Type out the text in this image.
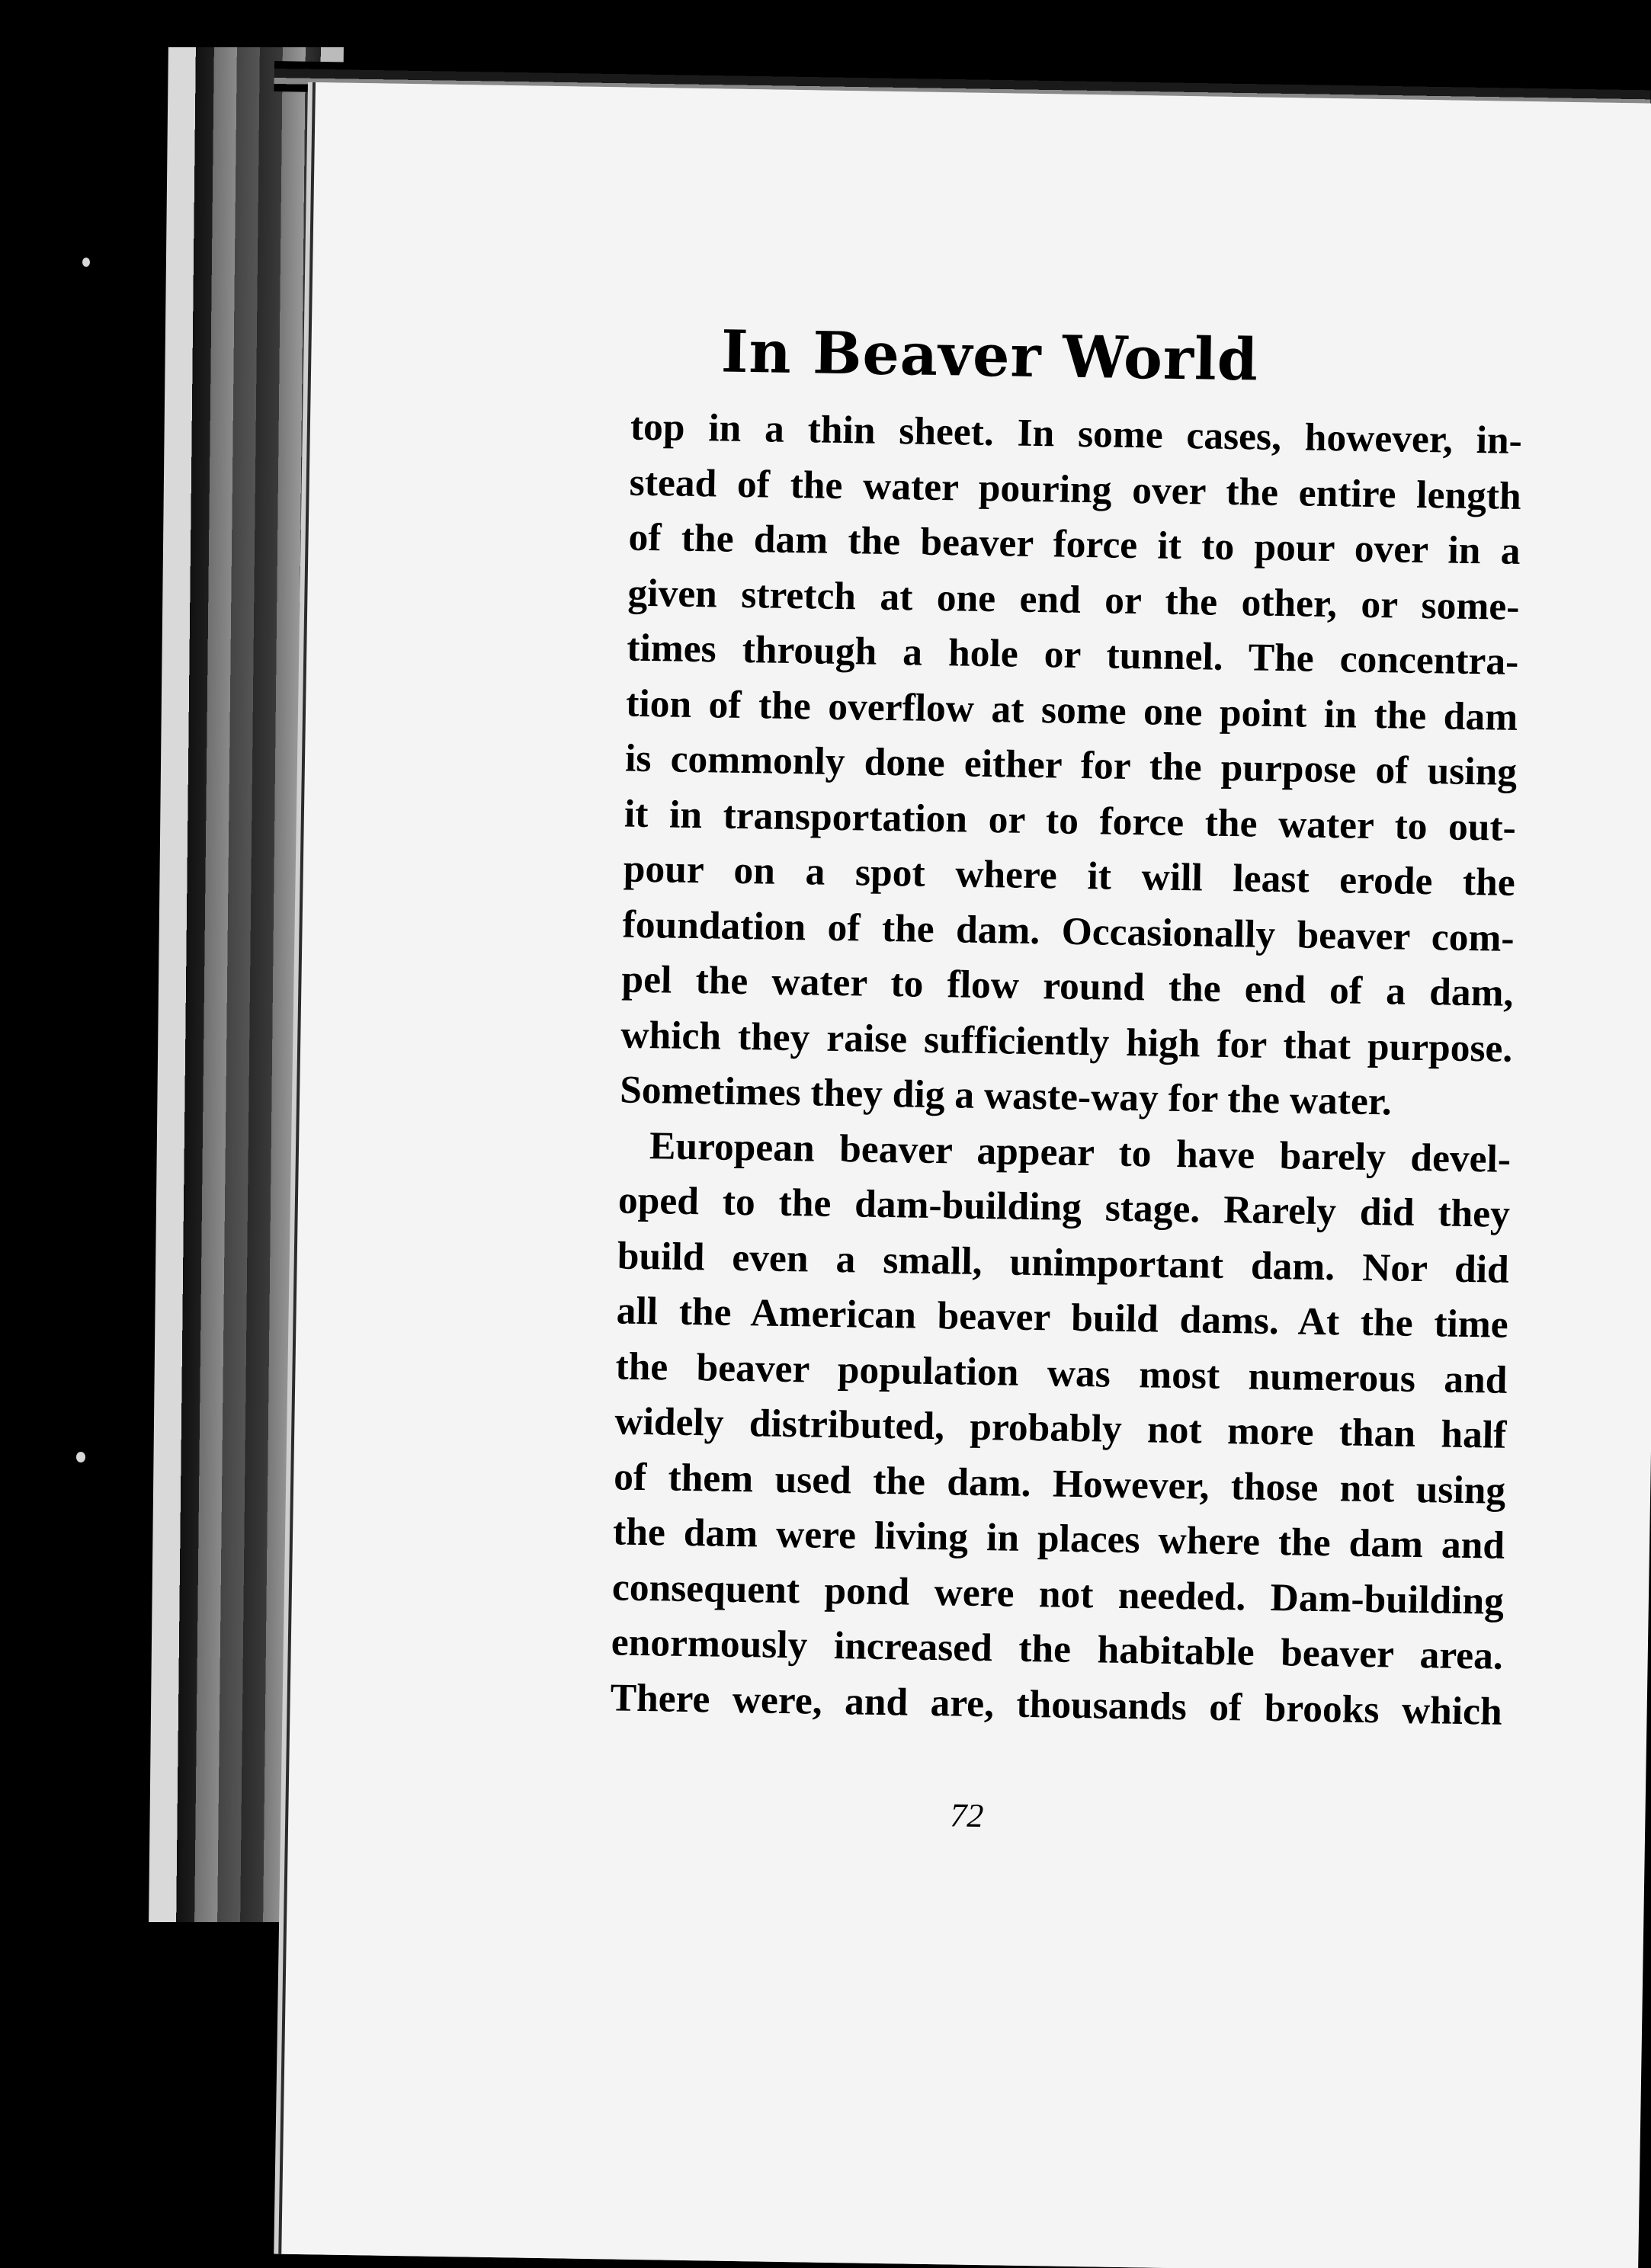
In Beaver World
top in a thin sheet. In some cases, however, in-
stead of the water pouring over the entire length
of the dam the beaver force it to pour over in a
given stretch at one end or the other, or some-
times through a hole or tunnel. The concentra-
tion of the overflow at some one point in the dam
is commonly done either for the purpose of using
it in transportation or to force the water to out-
pour on a spot where it will least erode the
foundation of the dam. Occasionally beaver com-
pel the water to flow round the end of a dam,
which they raise sufficiently high for that purpose.
Sometimes they dig a waste-way for the water.
European beaver appear to have barely devel-
oped to the dam-building stage. Rarely did they
build even a small, unimportant dam. Nor did
all the American beaver build dams. At the time
the beaver population was most numerous and
widely distributed, probably not more than half
of them used the dam. However, those not using
the dam were living in places where the dam and
consequent pond were not needed. Dam-building
enormously increased the habitable beaver area.
There were, and are, thousands of brooks which
72
